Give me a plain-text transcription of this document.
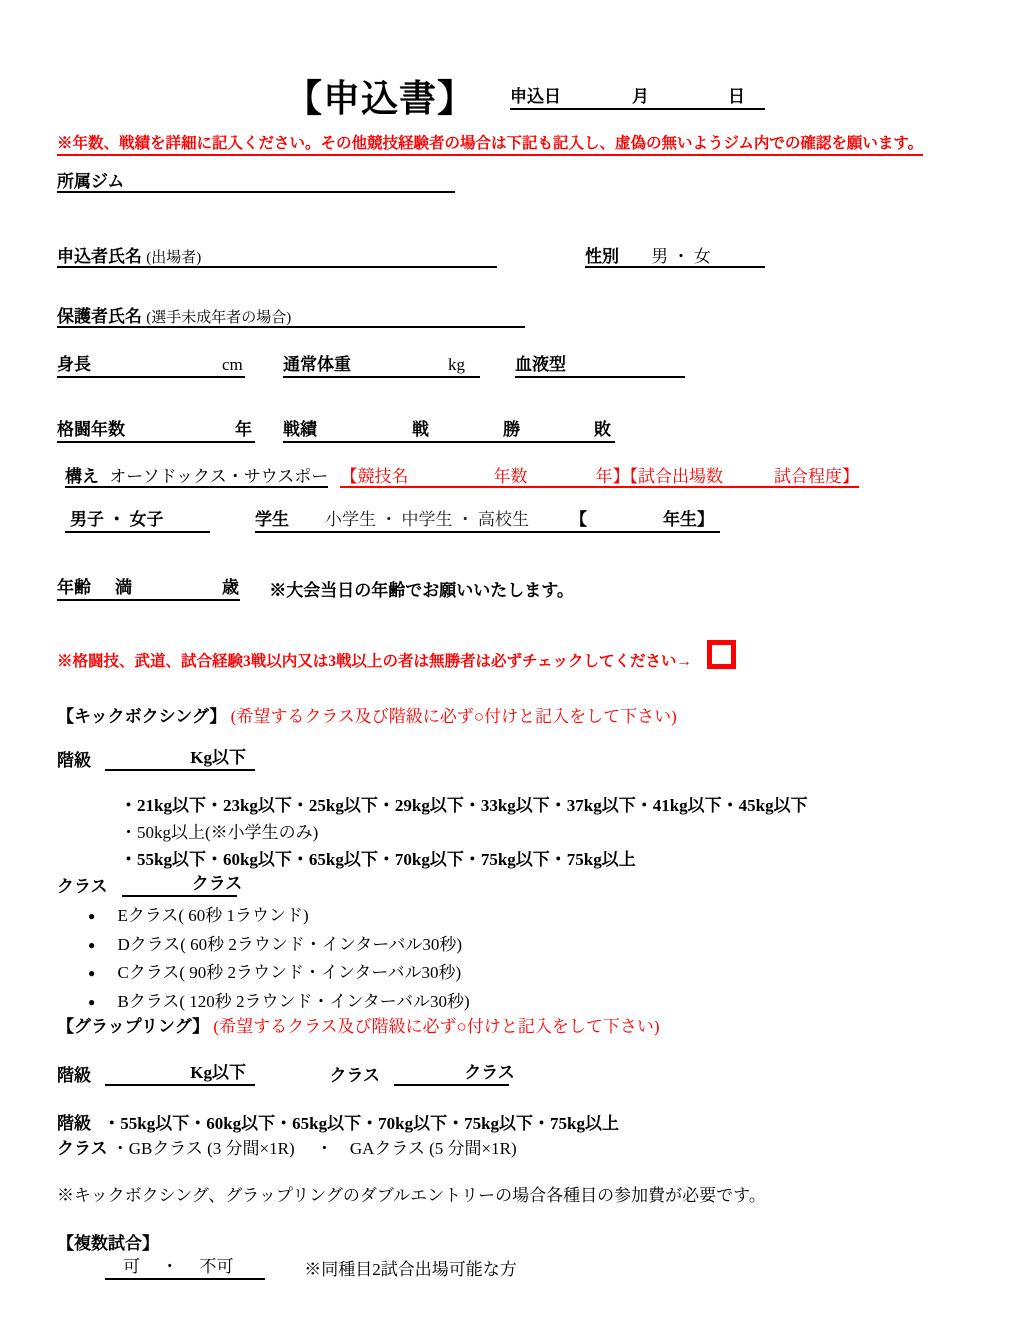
【申込書】 申込日	月	日
※年数、戦績を詳細に記入ください。その他競技経験者の場合は下記も記入し、虚偽の無いようジム内での確認を願います。
所属ジム
申込者氏名 (出場者)	性別 男 ・ 女
保護者氏名 (選手未成年者の場合)
身長	cm 通常体重	kg	血液型
格闘年数	年 戦績	戦	勝	敗
構え オーソドックス・サウスポー 【競技名　　　　　年数　　　　年】【試合出場数　　　試合程度】
男子 ・ 女子	学生 小学生 ・ 中学生 ・ 高校生 【	年生】
年齢 満	歳 ※大会当日の年齢でお願いいたします。
※格闘技、武道、試合経験3戦以内又は3戦以上の者は無勝者は必ずチェックしてください→
【キックボクシング】 (希望するクラス及び階級に必ず○付けと記入をして下さい)
階級	Kg以下
・21kg以下・23kg以下・25kg以下・29kg以下・33kg以下・37kg以下・41kg以下・45kg以下
・50kg以上(※小学生のみ)
・55kg以下・60kg以下・65kg以下・70kg以下・75kg以下・75kg以上
クラス	クラス
● Eクラス( 60秒 1ラウンド)
● Dクラス( 60秒 2ラウンド・インターバル30秒)
● Cクラス( 90秒 2ラウンド・インターバル30秒)
● Bクラス( 120秒 2ラウンド・インターバル30秒)
【グラップリング】 (希望するクラス及び階級に必ず○付けと記入をして下さい)
階級	Kg以下	クラス	クラス
階級 ・55kg以下・60kg以下・65kg以下・70kg以下・75kg以下・75kg以上
クラス ・GBクラス (3 分間×1R)　 ・　GAクラス (5 分間×1R)
※キックボクシング、グラップリングのダブルエントリーの場合各種目の参加費が必要です。
【複数試合】
可　 ・ 　不可	※同種目2試合出場可能な方
